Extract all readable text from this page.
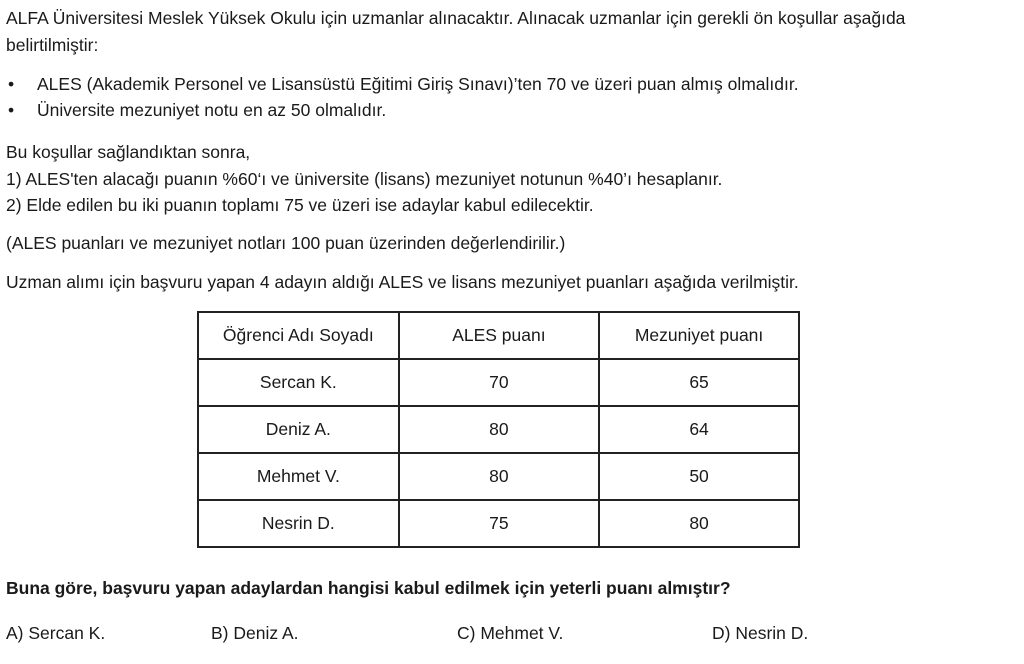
ALFA Üniversitesi Meslek Yüksek Okulu için uzmanlar alınacaktır. Alınacak uzmanlar için gerekli ön koşullar aşağıda
belirtilmiştir:
• ALES (Akademik Personel ve Lisansüstü Eğitimi Giriş Sınavı)’ten 70 ve üzeri puan almış olmalıdır.
• Üniversite mezuniyet notu en az 50 olmalıdır.
Bu koşullar sağlandıktan sonra,
1) ALES'ten alacağı puanın %60‘ı ve üniversite (lisans) mezuniyet notunun %40’ı hesaplanır.
2) Elde edilen bu iki puanın toplamı 75 ve üzeri ise adaylar kabul edilecektir.
(ALES puanları ve mezuniyet notları 100 puan üzerinden değerlendirilir.)
Uzman alımı için başvuru yapan 4 adayın aldığı ALES ve lisans mezuniyet puanları aşağıda verilmiştir.
Öğrenci Adı Soyadı	ALES puanı	Mezuniyet puanı
Sercan K.	70	65
Deniz A.	80	64
Mehmet V.	80	50
Nesrin D.	75	80
Buna göre, başvuru yapan adaylardan hangisi kabul edilmek için yeterli puanı almıştır?
A) Sercan K.	B) Deniz A.	C) Mehmet V.	D) Nesrin D.
